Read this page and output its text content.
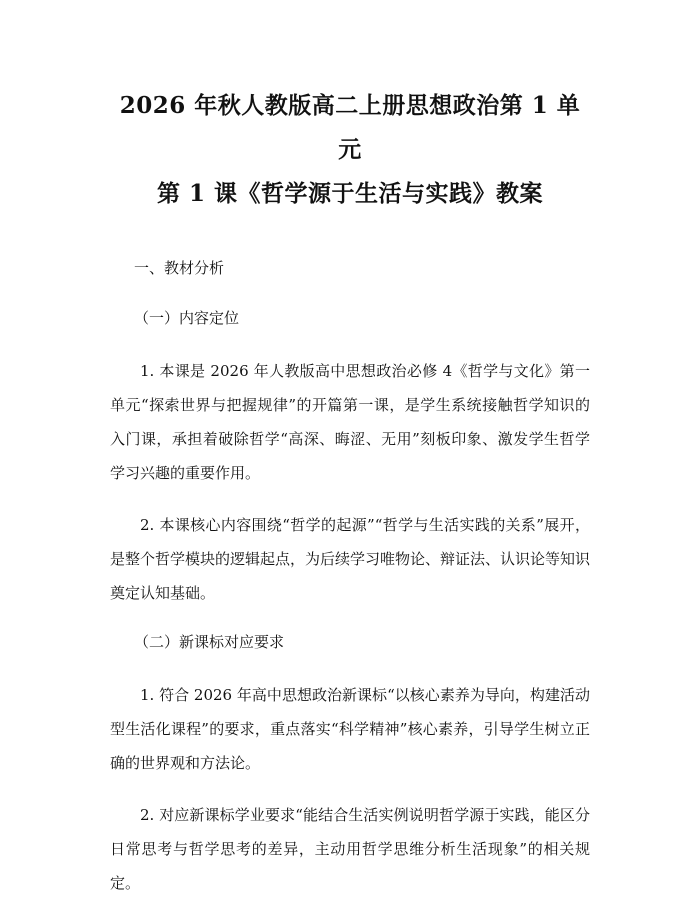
2026 年秋人教版高二上册思想政治第 1 单元
第 1 课《哲学源于生活与实践》教案
一、教材分析
（一）内容定位

1. 本课是 2026 年人教版高中思想政治必修 4《哲学与文化》第一单元“探索世界与把握规律”的开篇第一课，是学生系统接触哲学知识的入门课，承担着破除哲学“高深、晦涩、无用”刻板印象、激发学生哲学学习兴趣的重要作用。

2. 本课核心内容围绕“哲学的起源”“哲学与生活实践的关系”展开，是整个哲学模块的逻辑起点，为后续学习唯物论、辩证法、认识论等知识奠定认知基础。

（二）新课标对应要求

1. 符合 2026 年高中思想政治新课标“以核心素养为导向，构建活动型生活化课程”的要求，重点落实“科学精神”核心素养，引导学生树立正确的世界观和方法论。

2. 对应新课标学业要求“能结合生活实例说明哲学源于实践，能区分日常思考与哲学思考的差异，主动用哲学思维分析生活现象”的相关规定。
